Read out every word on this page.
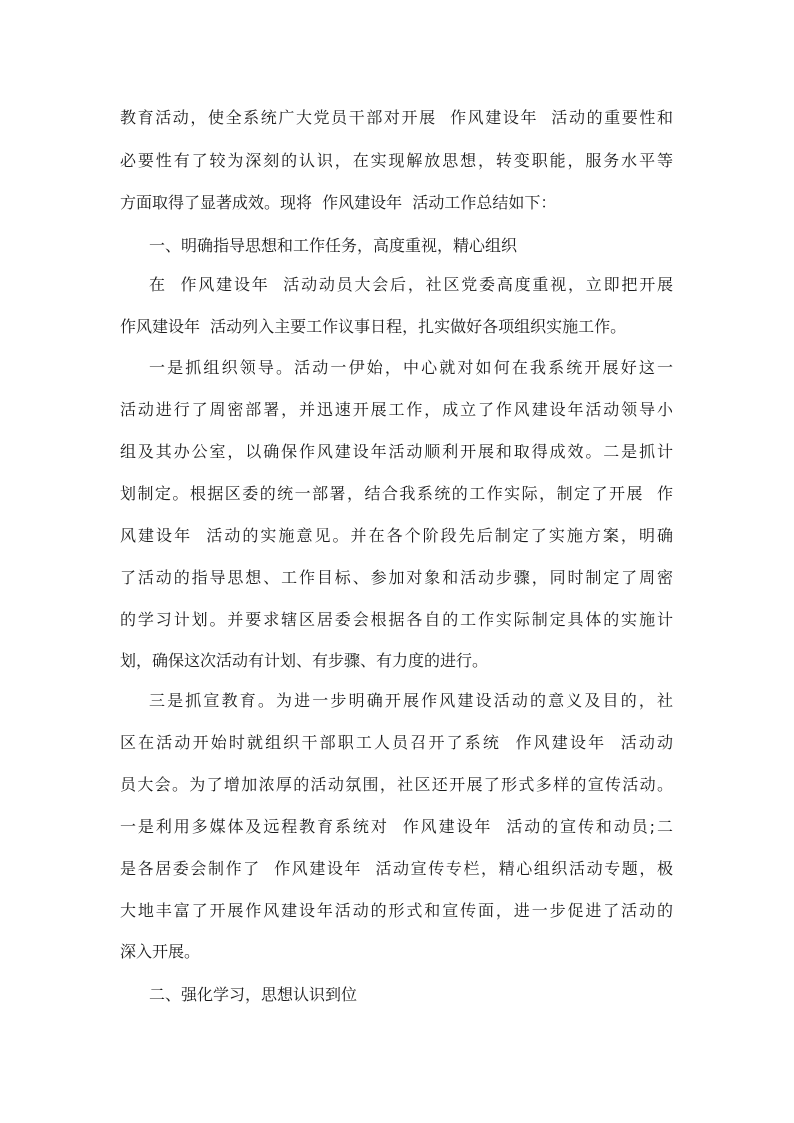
教育活动，使全系统广大党员干部对开展  作风建设年  活动的重要性和
必要性有了较为深刻的认识，在实现解放思想，转变职能，服务水平等
方面取得了显著成效。现将  作风建设年  活动工作总结如下：
一、明确指导思想和工作任务，高度重视，精心组织
在  作风建设年  活动动员大会后，社区党委高度重视，立即把开展
作风建设年  活动列入主要工作议事日程，扎实做好各项组织实施工作。
一是抓组织领导。活动一伊始，中心就对如何在我系统开展好这一
活动进行了周密部署，并迅速开展工作，成立了作风建设年活动领导小
组及其办公室，以确保作风建设年活动顺利开展和取得成效。二是抓计
划制定。根据区委的统一部署，结合我系统的工作实际，制定了开展  作
风建设年  活动的实施意见。并在各个阶段先后制定了实施方案，明确
了活动的指导思想、工作目标、参加对象和活动步骤，同时制定了周密
的学习计划。并要求辖区居委会根据各自的工作实际制定具体的实施计
划，确保这次活动有计划、有步骤、有力度的进行。
三是抓宣教育。为进一步明确开展作风建设活动的意义及目的，社
区在活动开始时就组织干部职工人员召开了系统  作风建设年  活动动
员大会。为了增加浓厚的活动氛围，社区还开展了形式多样的宣传活动。
一是利用多媒体及远程教育系统对  作风建设年  活动的宣传和动员;二
是各居委会制作了  作风建设年  活动宣传专栏，精心组织活动专题，极
大地丰富了开展作风建设年活动的形式和宣传面，进一步促进了活动的
深入开展。
二、强化学习，思想认识到位
